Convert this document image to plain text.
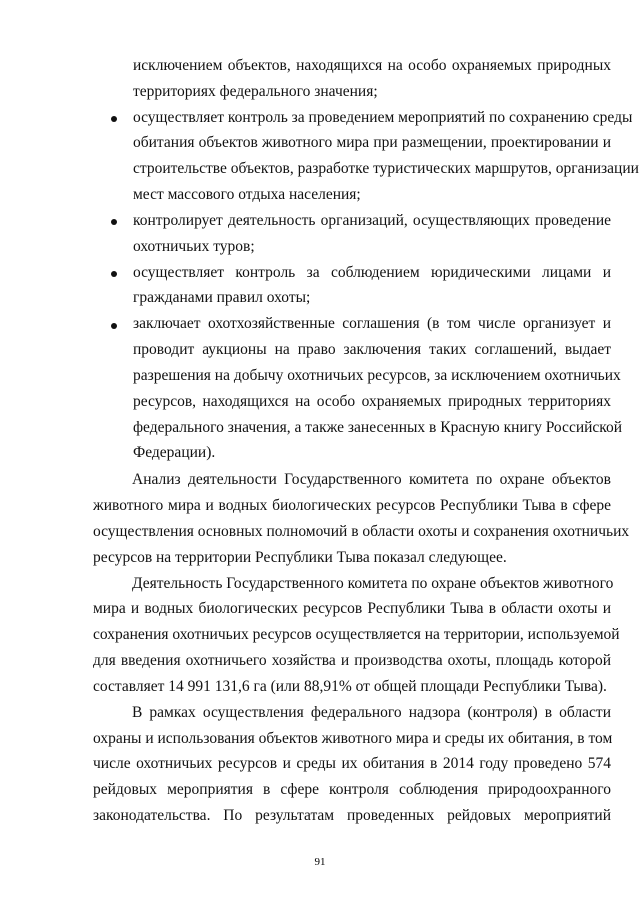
исключением объектов, находящихся на особо охраняемых природных
территориях федерального значения;
осуществляет контроль за проведением мероприятий по сохранению среды
обитания объектов животного мира при размещении, проектировании и
строительстве объектов, разработке туристических маршрутов, организации
мест массового отдыха населения;
контролирует деятельность организаций, осуществляющих проведение
охотничьих туров;
осуществляет контроль за соблюдением юридическими лицами и
гражданами правил охоты;
заключает охотхозяйственные соглашения (в том числе организует и
проводит аукционы на право заключения таких соглашений, выдает
разрешения на добычу охотничьих ресурсов, за исключением охотничьих
ресурсов, находящихся на особо охраняемых природных территориях
федерального значения, а также занесенных в Красную книгу Российской
Федерации).
Анализ деятельности Государственного комитета по охране объектов
животного мира и водных биологических ресурсов Республики Тыва в сфере
осуществления основных полномочий в области охоты и сохранения охотничьих
ресурсов на территории Республики Тыва показал следующее.
Деятельность Государственного комитета по охране объектов животного
мира и водных биологических ресурсов Республики Тыва в области охоты и
сохранения охотничьих ресурсов осуществляется на территории, используемой
для введения охотничьего хозяйства и производства охоты, площадь которой
составляет 14 991 131,6 га (или 88,91% от общей площади Республики Тыва).
В рамках осуществления федерального надзора (контроля) в области
охраны и использования объектов животного мира и среды их обитания, в том
числе охотничьих ресурсов и среды их обитания в 2014 году проведено 574
рейдовых мероприятия в сфере контроля соблюдения природоохранного
законодательства. По результатам проведенных рейдовых мероприятий
91
